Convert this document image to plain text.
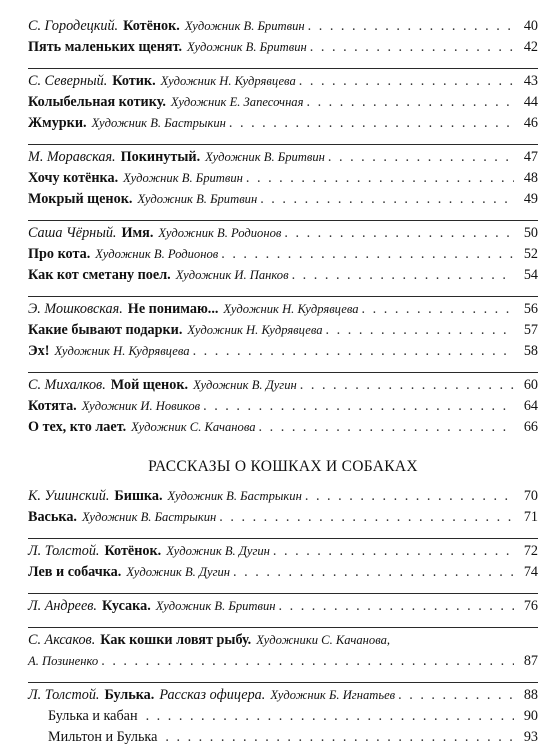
С. Городецкий. Котёнок. Художник В. Бритвин . . .	40
Пять маленьких щенят. Художник В. Бритвин . . .	42
С. Северный. Котик. Художник Н. Кудрявцева . . .	43
Колыбельная котику. Художник Е. Запесочная . . .	44
Жмурки. Художник В. Бастрыкин . . .	46
М. Моравская. Покинутый. Художник В. Бритвин . . .	47
Хочу котёнка. Художник В. Бритвин . . .	48
Мокрый щенок. Художник В. Бритвин . . .	49
Саша Чёрный. Имя. Художник В. Родионов . . .	50
Про кота. Художник В. Родионов . . .	52
Как кот сметану поел. Художник И. Панков . . .	54
Э. Мошковская. Не понимаю... Художник Н. Кудрявцева . . .	56
Какие бывают подарки. Художник Н. Кудрявцева . . .	57
Эх! Художник Н. Кудрявцева . . .	58
С. Михалков. Мой щенок. Художник В. Дугин . . .	60
Котята. Художник И. Новиков . . .	64
О тех, кто лает. Художник С. Качанова . . .	66
РАССКАЗЫ О КОШКАХ И СОБАКАХ
К. Ушинский. Бишка. Художник В. Бастрыкин . . .	70
Васька. Художник В. Бастрыкин . . .	71
Л. Толстой. Котёнок. Художник В. Дугин . . .	72
Лев и собачка. Художник В. Дугин . . .	74
Л. Андреев. Кусака. Художник В. Бритвин . . .	76
С. Аксаков. Как кошки ловят рыбу. Художники С. Качанова,
А. Позиненко . . .	87
Л. Толстой. Булька. Рассказ офицера. Художник Б. Игнатьев . . .	88
Булька и кабан . . .	90
Мильтон и Булька . . .	93
